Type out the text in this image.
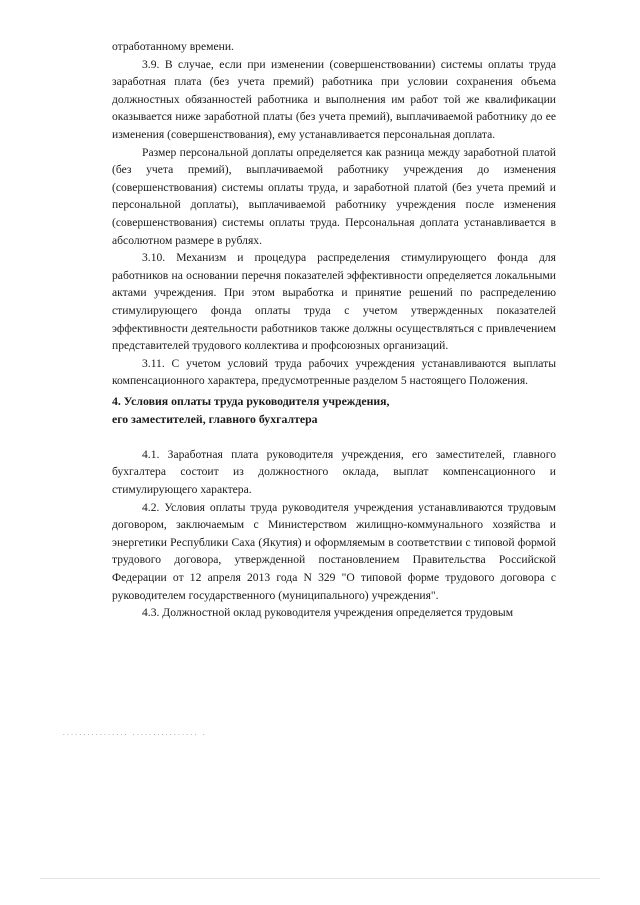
отработанному времени.

3.9. В случае, если при изменении (совершенствовании) системы оплаты труда заработная плата (без учета премий) работника при условии сохранения объема должностных обязанностей работника и выполнения им работ той же квалификации оказывается ниже заработной платы (без учета премий), выплачиваемой работнику до ее изменения (совершенствования), ему устанавливается персональная доплата.

Размер персональной доплаты определяется как разница между заработной платой (без учета премий), выплачиваемой работнику учреждения до изменения (совершенствования) системы оплаты труда, и заработной платой (без учета премий и персональной доплаты), выплачиваемой работнику учреждения после изменения (совершенствования) системы оплаты труда. Персональная доплата устанавливается в абсолютном размере в рублях.

3.10. Механизм и процедура распределения стимулирующего фонда для работников на основании перечня показателей эффективности определяется локальными актами учреждения. При этом выработка и принятие решений по распределению стимулирующего фонда оплаты труда с учетом утвержденных показателей эффективности деятельности работников также должны осуществляться с привлечением представителей трудового коллектива и профсоюзных организаций.

3.11. С учетом условий труда рабочих учреждения устанавливаются выплаты компенсационного характера, предусмотренные разделом 5 настоящего Положения.

4. Условия оплаты труда руководителя учреждения,
его заместителей, главного бухгалтера

4.1. Заработная плата руководителя учреждения, его заместителей, главного бухгалтера состоит из должностного оклада, выплат компенсационного и стимулирующего характера.

4.2. Условия оплаты труда руководителя учреждения устанавливаются трудовым договором, заключаемым с Министерством жилищно-коммунального хозяйства и энергетики Республики Саха (Якутия) и оформляемым в соответствии с типовой формой трудового договора, утвержденной постановлением Правительства Российской Федерации от 12 апреля 2013 года N 329 "О типовой форме трудового договора с руководителем государственного (муниципального) учреждения".

4.3. Должностной оклад руководителя учреждения определяется трудовым

................ ................ .
